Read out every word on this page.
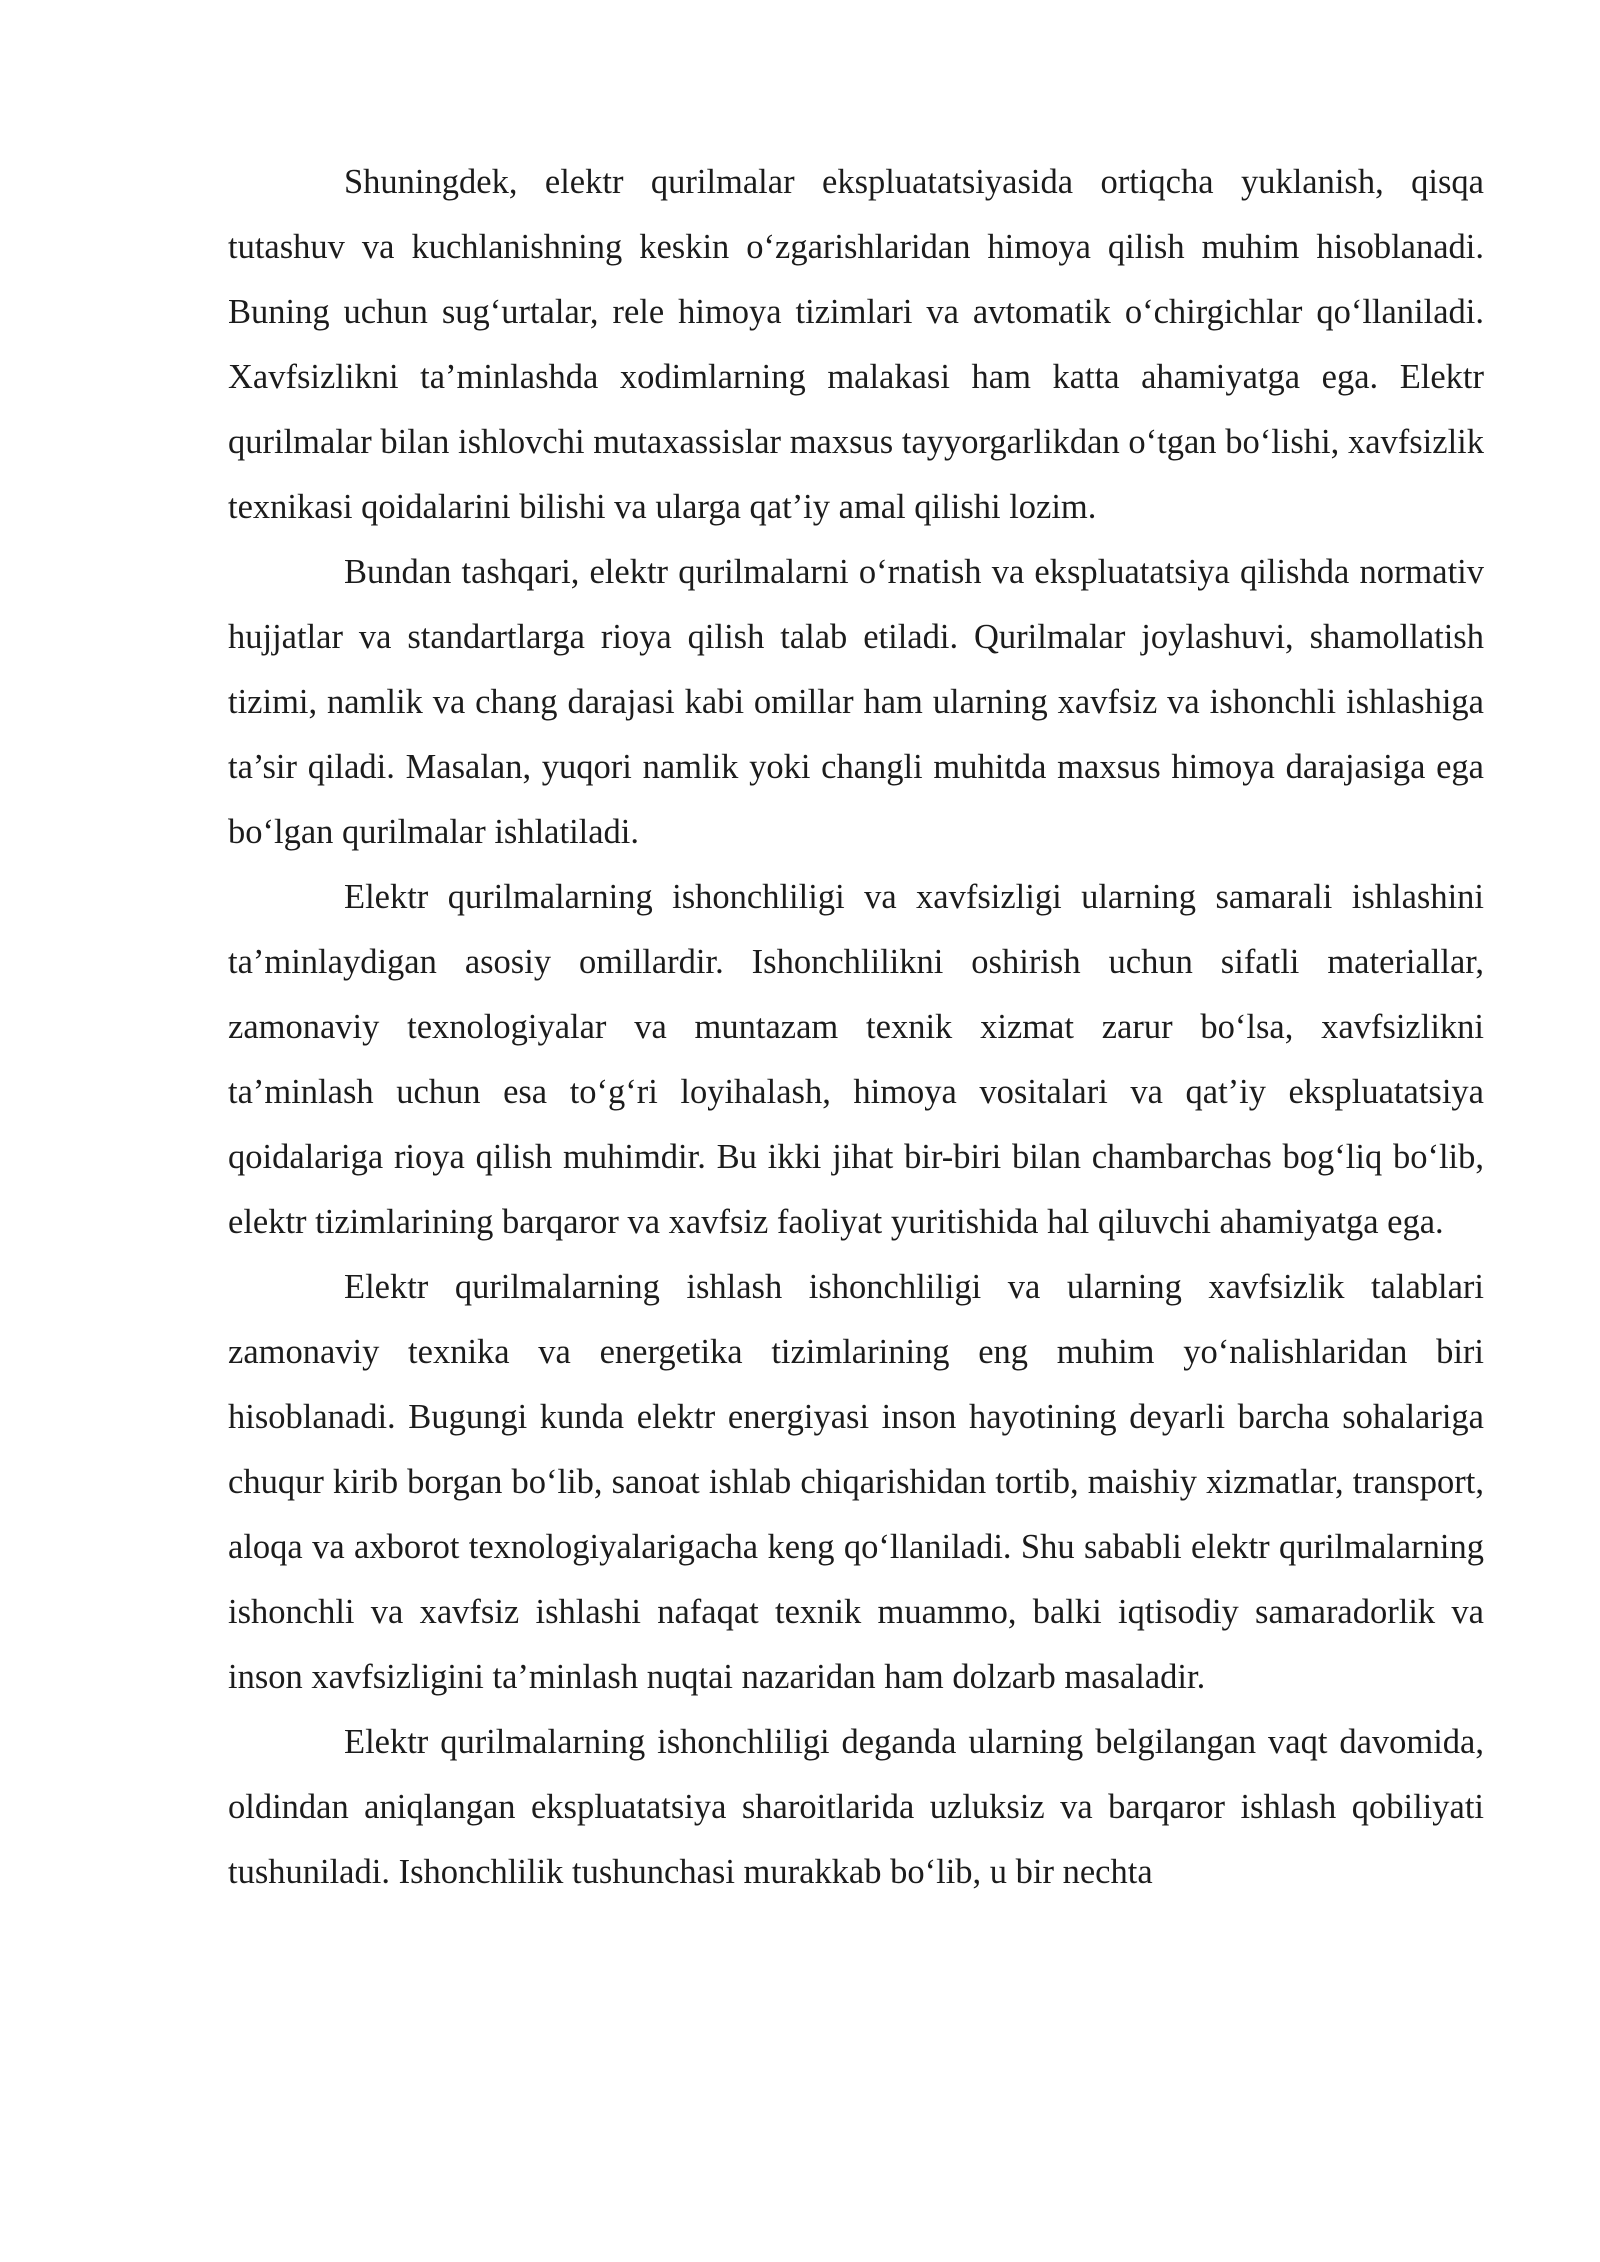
Shuningdek, elektr qurilmalar ekspluatatsiyasida ortiqcha yuklanish, qisqa tutashuv va kuchlanishning keskin o‘zgarishlaridan himoya qilish muhim hisoblanadi. Buning uchun sug‘urtalar, rele himoya tizimlari va avtomatik o‘chirgichlar qo‘llaniladi. Xavfsizlikni ta’minlashda xodimlarning malakasi ham katta ahamiyatga ega. Elektr qurilmalar bilan ishlovchi mutaxassislar maxsus tayyorgarlikdan o‘tgan bo‘lishi, xavfsizlik texnikasi qoidalarini bilishi va ularga qat’iy amal qilishi lozim.

Bundan tashqari, elektr qurilmalarni o‘rnatish va ekspluatatsiya qilishda normativ hujjatlar va standartlarga rioya qilish talab etiladi. Qurilmalar joylashuvi, shamollatish tizimi, namlik va chang darajasi kabi omillar ham ularning xavfsiz va ishonchli ishlashiga ta’sir qiladi. Masalan, yuqori namlik yoki changli muhitda maxsus himoya darajasiga ega bo‘lgan qurilmalar ishlatiladi.

Elektr qurilmalarning ishonchliligi va xavfsizligi ularning samarali ishlashini ta’minlaydigan asosiy omillardir. Ishonchlilikni oshirish uchun sifatli materiallar, zamonaviy texnologiyalar va muntazam texnik xizmat zarur bo‘lsa, xavfsizlikni ta’minlash uchun esa to‘g‘ri loyihalash, himoya vositalari va qat’iy ekspluatatsiya qoidalariga rioya qilish muhimdir. Bu ikki jihat bir-biri bilan chambarchas bog‘liq bo‘lib, elektr tizimlarining barqaror va xavfsiz faoliyat yuritishida hal qiluvchi ahamiyatga ega.

Elektr qurilmalarning ishlash ishonchliligi va ularning xavfsizlik talablari zamonaviy texnika va energetika tizimlarining eng muhim yo‘nalishlaridan biri hisoblanadi. Bugungi kunda elektr energiyasi inson hayotining deyarli barcha sohalariga chuqur kirib borgan bo‘lib, sanoat ishlab chiqarishidan tortib, maishiy xizmatlar, transport, aloqa va axborot texnologiyalarigacha keng qo‘llaniladi. Shu sababli elektr qurilmalarning ishonchli va xavfsiz ishlashi nafaqat texnik muammo, balki iqtisodiy samaradorlik va inson xavfsizligini ta’minlash nuqtai nazaridan ham dolzarb masaladir.

Elektr qurilmalarning ishonchliligi deganda ularning belgilangan vaqt davomida, oldindan aniqlangan ekspluatatsiya sharoitlarida uzluksiz va barqaror ishlash qobiliyati tushuniladi. Ishonchlilik tushunchasi murakkab bo‘lib, u bir nechta
